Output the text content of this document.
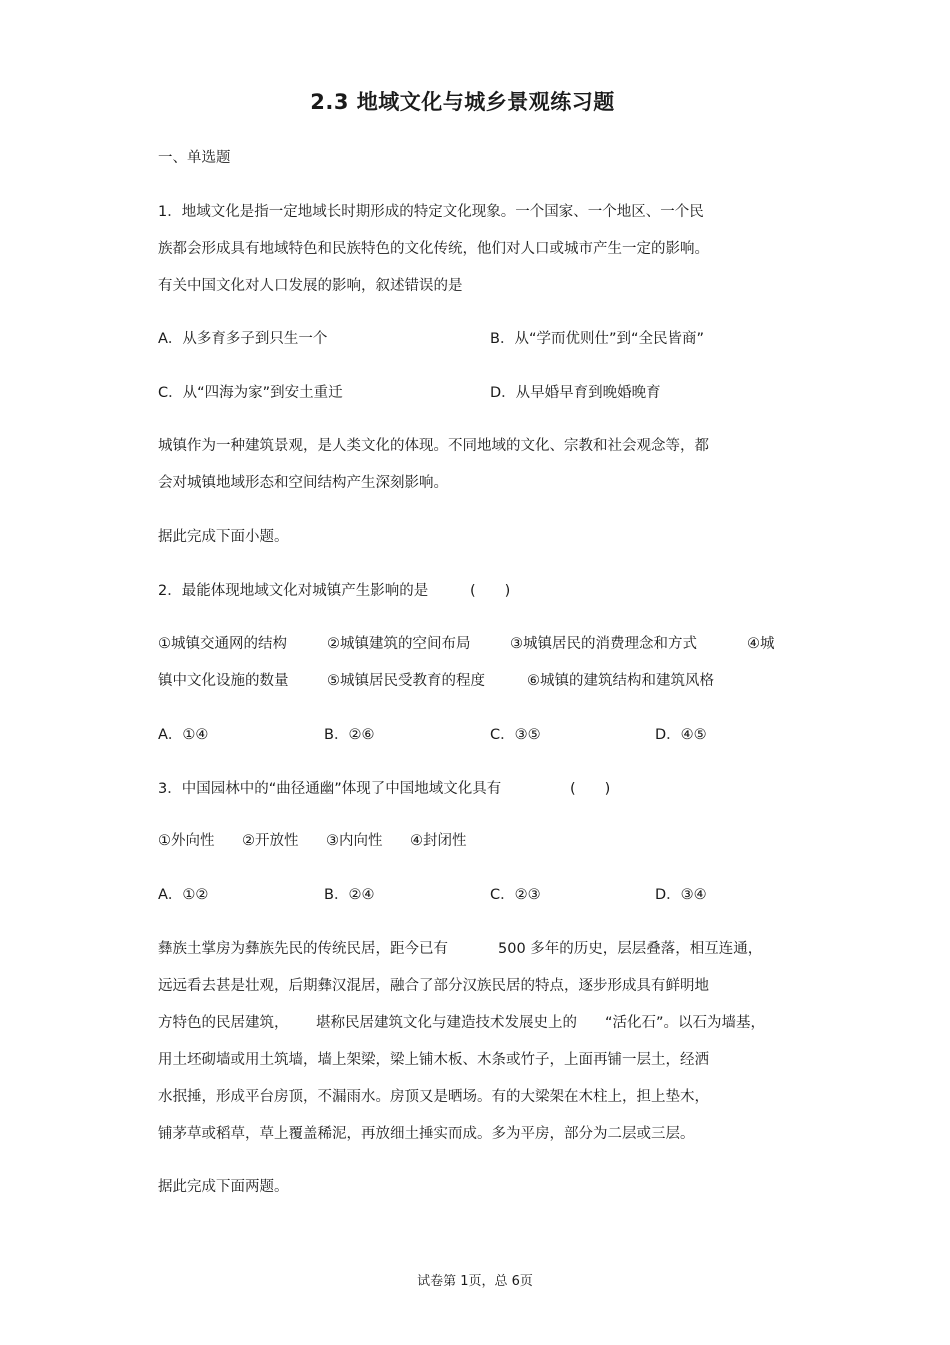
2.3 地域文化与城乡景观练习题
一、单选题
1．地域文化是指一定地域长时期形成的特定文化现象。一个国家、一个地区、一个民
族都会形成具有地域特色和民族特色的文化传统，他们对人口或城市产生一定的影响。
有关中国文化对人口发展的影响，叙述错误的是
A．从多育多子到只生一个	B．从“学而优则仕”到“全民皆商”
C．从“四海为家”到安土重迁	D．从早婚早育到晚婚晚育
城镇作为一种建筑景观，是人类文化的体现。不同地域的文化、宗教和社会观念等，都
会对城镇地域形态和空间结构产生深刻影响。
据此完成下面小题。
2．最能体现地域文化对城镇产生影响的是	(　　)
①城镇交通网的结构	②城镇建筑的空间布局	③城镇居民的消费理念和方式	④城
镇中文化设施的数量	⑤城镇居民受教育的程度	⑥城镇的建筑结构和建筑风格
A．①④	B．②⑥	C．③⑤	D．④⑤
3．中国园林中的“曲径通幽”体现了中国地域文化具有	(　　)
①外向性 ②开放性 ③内向性 ④封闭性
A．①②	B．②④	C．②③	D．③④
彝族土掌房为彝族先民的传统民居，距今已有	500 多年的历史，层层叠落，相互连通，
远远看去甚是壮观，后期彝汉混居，融合了部分汉族民居的特点，逐步形成具有鲜明地
方特色的民居建筑， 堪称民居建筑文化与建造技术发展史上的 “活化石”。以石为墙基，
用土坯砌墙或用土筑墙，墙上架梁，梁上铺木板、木条或竹子，上面再铺一层土，经洒
水抿捶，形成平台房顶，不漏雨水。房顶又是晒场。有的大梁架在木柱上，担上垫木，
铺茅草或稻草，草上覆盖稀泥，再放细土捶实而成。多为平房，部分为二层或三层。
据此完成下面两题。
试卷第 1页，总 6页
